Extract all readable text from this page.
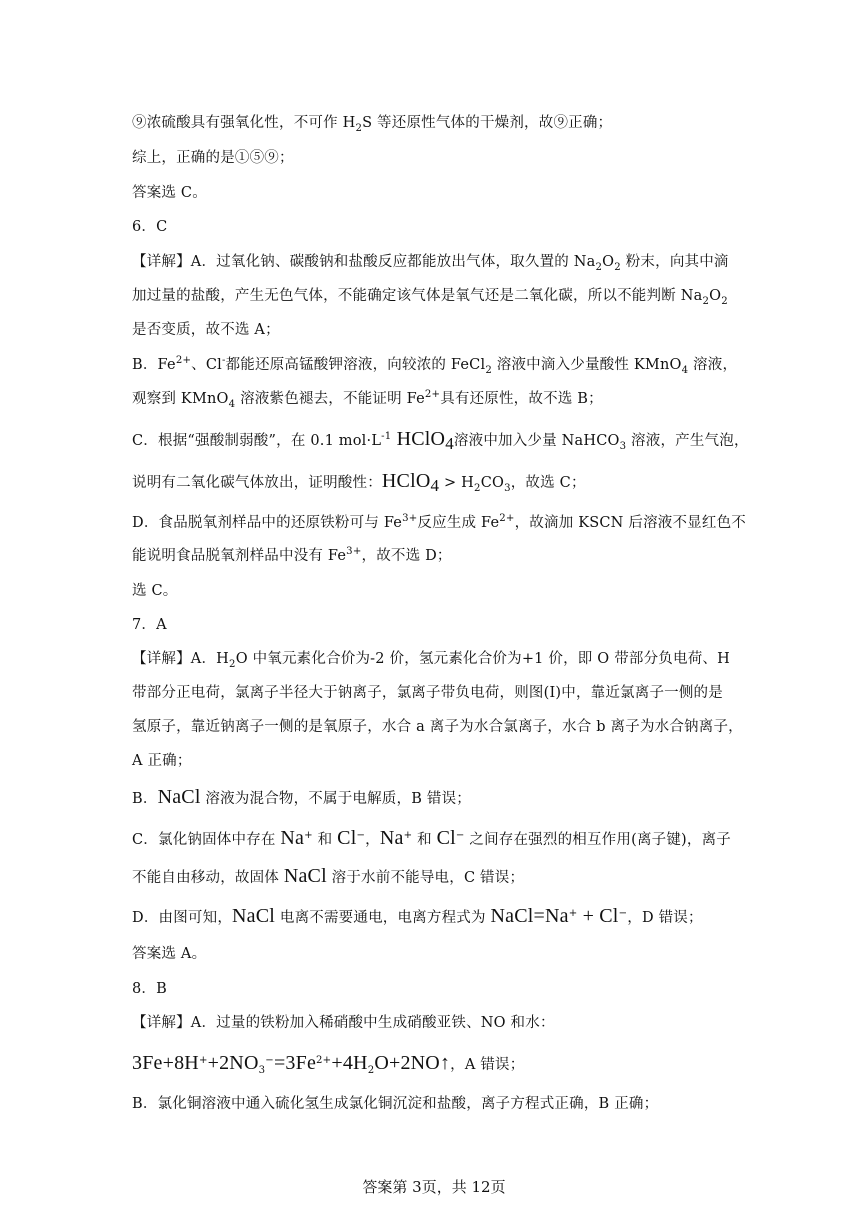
⑨浓硫酸具有强氧化性，不可作 $H_2S$ 等还原性气体的干燥剂，故⑨正确；
综上，正确的是①⑤⑨；
答案选 C。
6．C
【详解】A．过氧化钠、碳酸钠和盐酸反应都能放出气体，取久置的 $Na_2O_2$ 粉末，向其中滴
加过量的盐酸，产生无色气体，不能确定该气体是氧气还是二氧化碳，所以不能判断 $Na_2O_2$
是否变质，故不选 A；
B．$Fe^{2+}$、Cl-都能还原高锰酸钾溶液，向较浓的 FeCl$_2$ 溶液中滴入少量酸性 KMnO$_4$ 溶液，
观察到 KMnO$_4$ 溶液紫色褪去，不能证明 $Fe^{2+}$具有还原性，故不选 B；
C．根据“强酸制弱酸”，在 0.1 $mol\cdot L^{-1}$ HClO$_4$溶液中加入少量 NaHCO$_3$ 溶液，产生气泡，
说明有二氧化碳气体放出，证明酸性：HClO$_4$ > $H_2CO_3$，故选 C；
D．食品脱氧剂样品中的还原铁粉可与 $Fe^{3+}$反应生成 $Fe^{2+}$，故滴加 KSCN 后溶液不显红色不
能说明食品脱氧剂样品中没有 $Fe^{3+}$，故不选 D；
选 C。
7．A
【详解】A．$H_2O$ 中氧元素化合价为-2 价，氢元素化合价为+1 价，即 O 带部分负电荷、H
带部分正电荷，氯离子半径大于钠离子，氯离子带负电荷，则图(I)中，靠近氯离子一侧的是
氢原子，靠近钠离子一侧的是氧原子，水合 a 离子为水合氯离子，水合 b 离子为水合钠离子，
A 正确；
B．NaCl 溶液为混合物，不属于电解质，B 错误；
C．氯化钠固体中存在 Na+ 和 Cl−，Na+ 和 Cl− 之间存在强烈的相互作用(离子键)，离子
不能自由移动，故固体 NaCl 溶于水前不能导电，C 错误；
D．由图可知，NaCl 电离不需要通电，电离方程式为 NaCl=Na+ + Cl−，D 错误；
答案选 A。
8．B
【详解】A．过量的铁粉加入稀硝酸中生成硝酸亚铁、NO 和水：
$3Fe+8H^++2NO_3^-=3Fe^{2+}+4H_2O+2NO↑$，A 错误；
B．氯化铜溶液中通入硫化氢生成氯化铜沉淀和盐酸，离子方程式正确，B 正确；
答案第 3页，共 12页
